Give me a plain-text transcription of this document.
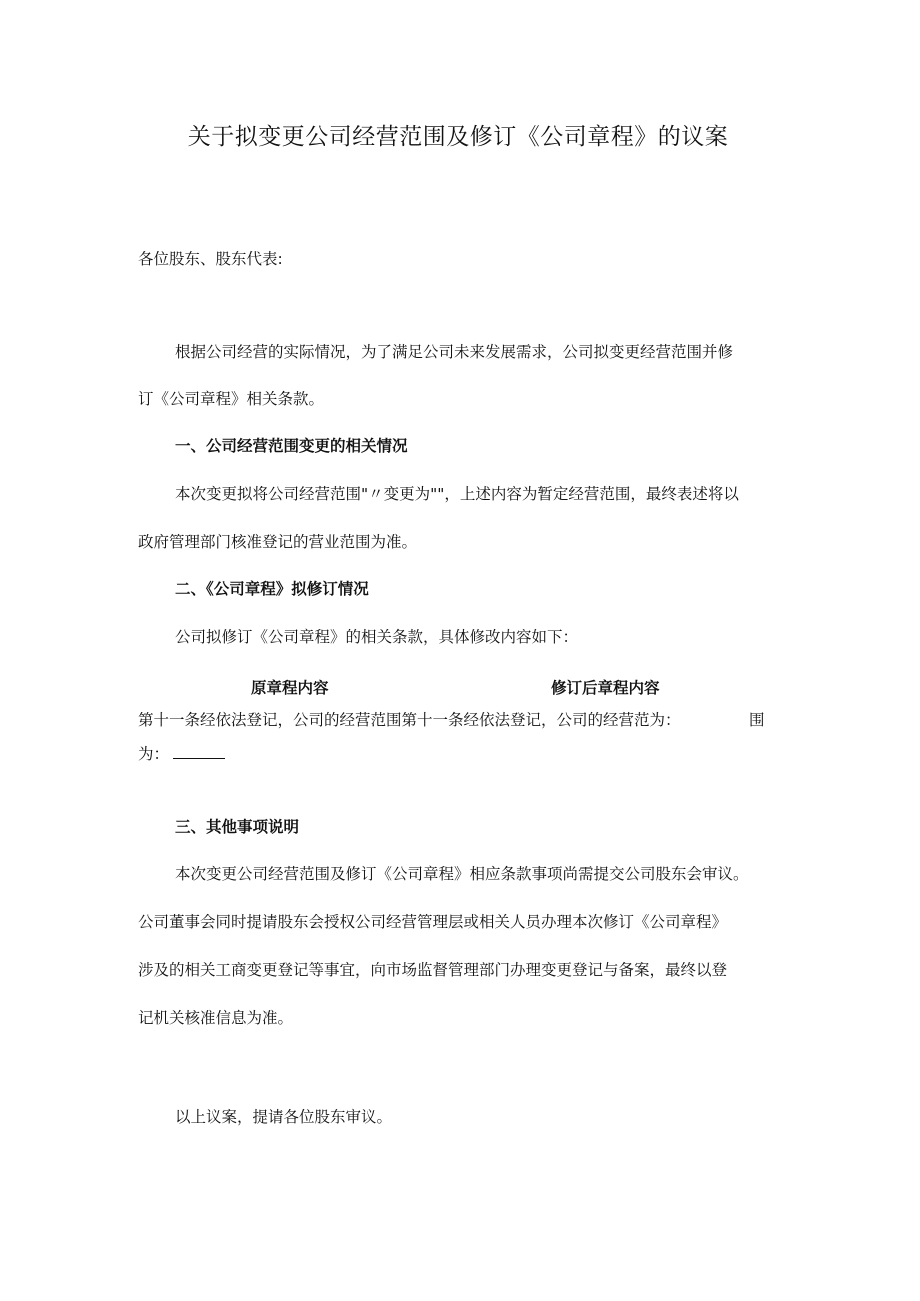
关于拟变更公司经营范围及修订《公司章程》的议案
各位股东、股东代表:
根据公司经营的实际情况，为了满足公司未来发展需求，公司拟变更经营范围并修
订《公司章程》相关条款。
一、公司经营范围变更的相关情况
本次变更拟将公司经营范围"〃变更为""，上述内容为暂定经营范围，最终表述将以
政府管理部门核准登记的营业范围为准。
二、《公司章程》拟修订情况
公司拟修订《公司章程》的相关条款，具体修改内容如下：
原章程内容	修订后章程内容
第十一条经依法登记，公司的经营范围第十一条经依法登记，公司的经营范为：	围
为：
三、其他事项说明
本次变更公司经营范围及修订《公司章程》相应条款事项尚需提交公司股东会审议。
公司董事会同时提请股东会授权公司经营管理层或相关人员办理本次修订《公司章程》
涉及的相关工商变更登记等事宜，向市场监督管理部门办理变更登记与备案，最终以登
记机关核准信息为准。
以上议案，提请各位股东审议。
